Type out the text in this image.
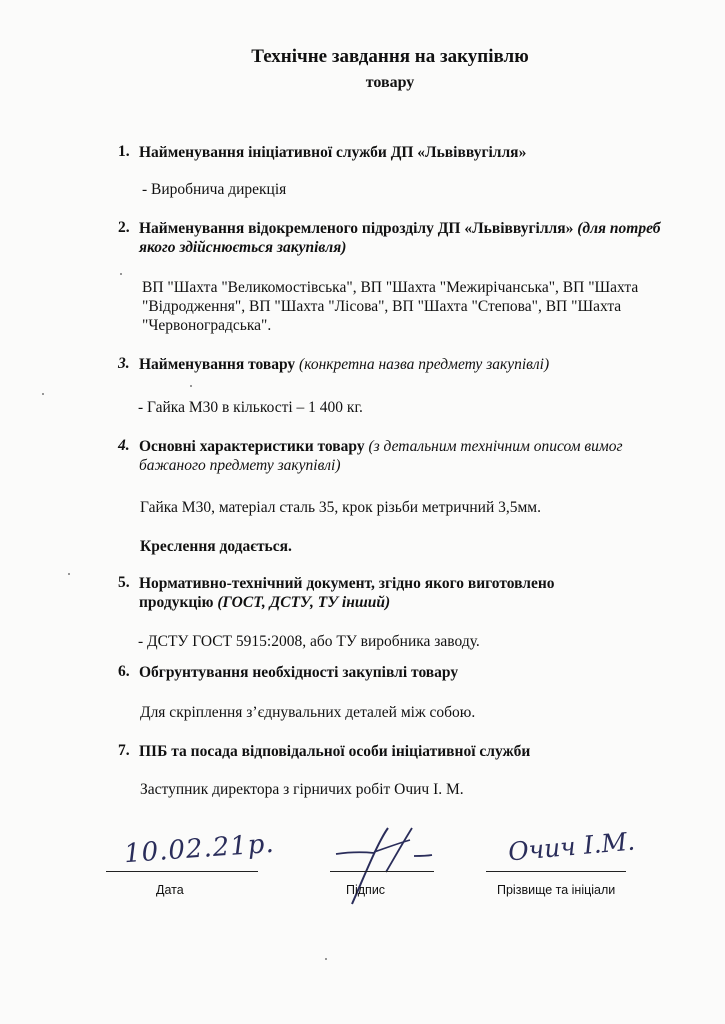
Технічне завдання на закупівлю
товару
1. Найменування ініціативної служби ДП «Львіввугілля»
- Виробнича дирекція
2. Найменування відокремленого підрозділу ДП «Львіввугілля» (для потреб якого здійснюється закупівля)
ВП "Шахта "Великомостівська", ВП "Шахта "Межирічанська", ВП "Шахта "Відродження", ВП "Шахта "Лісова", ВП "Шахта "Степова", ВП "Шахта "Червоноградська".
3. Найменування товару (конкретна назва предмету закупівлі)
- Гайка М30 в кількості – 1 400 кг.
4. Основні характеристики товару (з детальним технічним описом вимог бажаного предмету закупівлі)
Гайка М30, матеріал сталь 35, крок різьби метричний 3,5мм.
Креслення додається.
5. Нормативно-технічний документ, згідно якого виготовлено продукцію (ГОСТ, ДСТУ, ТУ інший)
- ДСТУ ГОСТ 5915:2008, або ТУ виробника заводу.
6. Обгрунтування необхідності закупівлі товару
Для скріплення з’єднувальних деталей між собою.
7. ПІБ та посада відповідальної особи ініціативної служби
Заступник директора з гірничих робіт Очич І. М.
10.02.21р.
Дата	Підпис
Очич І.М.
Прізвище та ініціали
